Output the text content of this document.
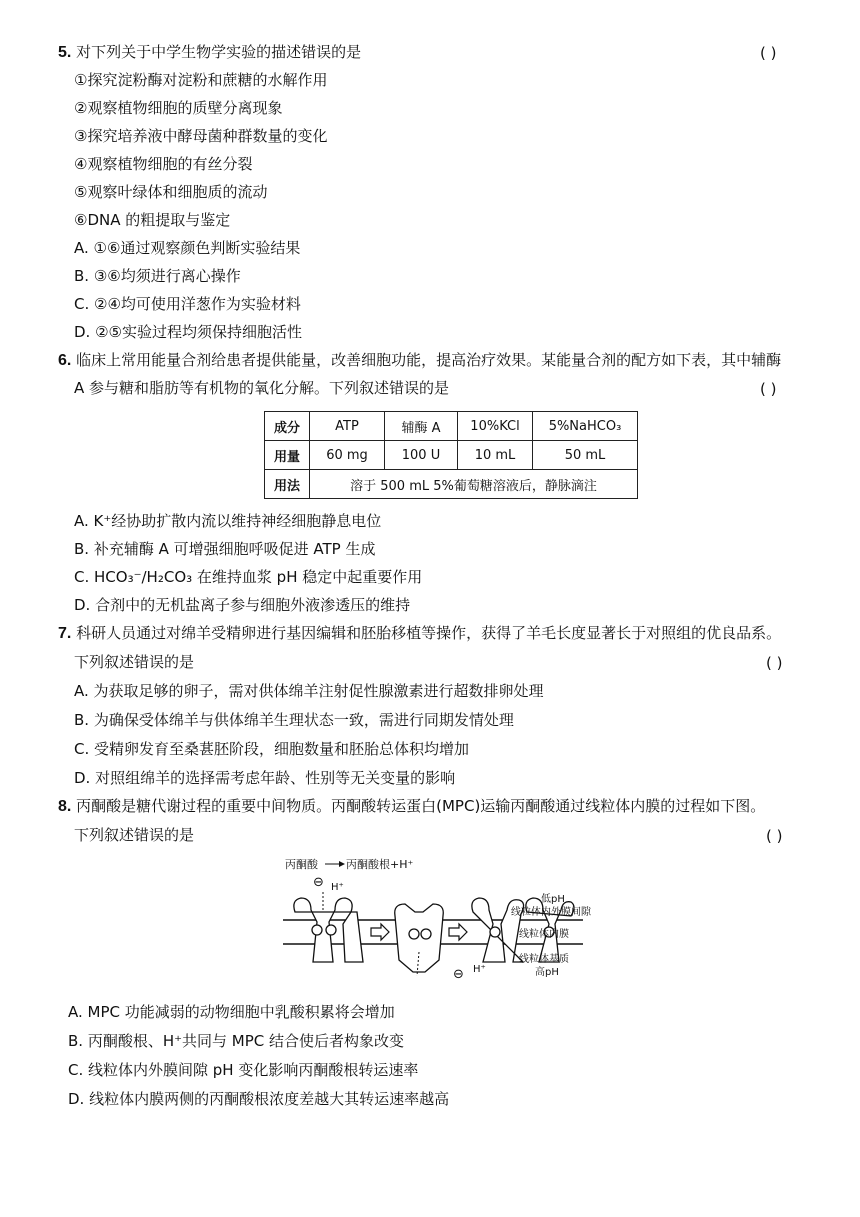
5. 对下列关于中学生物学实验的描述错误的是	( )
①探究淀粉酶对淀粉和蔗糖的水解作用
②观察植物细胞的质壁分离现象
③探究培养液中酵母菌种群数量的变化
④观察植物细胞的有丝分裂
⑤观察叶绿体和细胞质的流动
⑥DNA 的粗提取与鉴定
A. ①⑥通过观察颜色判断实验结果
B. ③⑥均须进行离心操作
C. ②④均可使用洋葱作为实验材料
D. ②⑤实验过程均须保持细胞活性
6. 临床上常用能量合剂给患者提供能量，改善细胞功能，提高治疗效果。某能量合剂的配方如下表，其中辅酶
A 参与糖和脂肪等有机物的氧化分解。下列叙述错误的是	( )
成分	ATP	辅酶 A	10%KCl	5%NaHCO₃
用量	60 mg	100 U	10 mL	50 mL
用法	溶于 500 mL 5%葡萄糖溶液后，静脉滴注			
A. K⁺经协助扩散内流以维持神经细胞静息电位
B. 补充辅酶 A 可增强细胞呼吸促进 ATP 生成
C. HCO₃⁻/H₂CO₃ 在维持血浆 pH 稳定中起重要作用
D. 合剂中的无机盐离子参与细胞外液渗透压的维持
7. 科研人员通过对绵羊受精卵进行基因编辑和胚胎移植等操作，获得了羊毛长度显著长于对照组的优良品系。
下列叙述错误的是	( )
A. 为获取足够的卵子，需对供体绵羊注射促性腺激素进行超数排卵处理
B. 为确保受体绵羊与供体绵羊生理状态一致，需进行同期发情处理
C. 受精卵发育至桑葚胚阶段，细胞数量和胚胎总体积均增加
D. 对照组绵羊的选择需考虑年龄、性别等无关变量的影响
8. 丙酮酸是糖代谢过程的重要中间物质。丙酮酸转运蛋白(MPC)运输丙酮酸通过线粒体内膜的过程如下图。
下列叙述错误的是	( )
丙酮酸	丙酮酸根+H⁺
⊖ H⁺
⊖ H⁺
低pH
线粒体内外膜间隙
线粒体内膜
线粒体基质
高pH
A. MPC 功能减弱的动物细胞中乳酸积累将会增加
B. 丙酮酸根、H⁺共同与 MPC 结合使后者构象改变
C. 线粒体内外膜间隙 pH 变化影响丙酮酸根转运速率
D. 线粒体内膜两侧的丙酮酸根浓度差越大其转运速率越高
